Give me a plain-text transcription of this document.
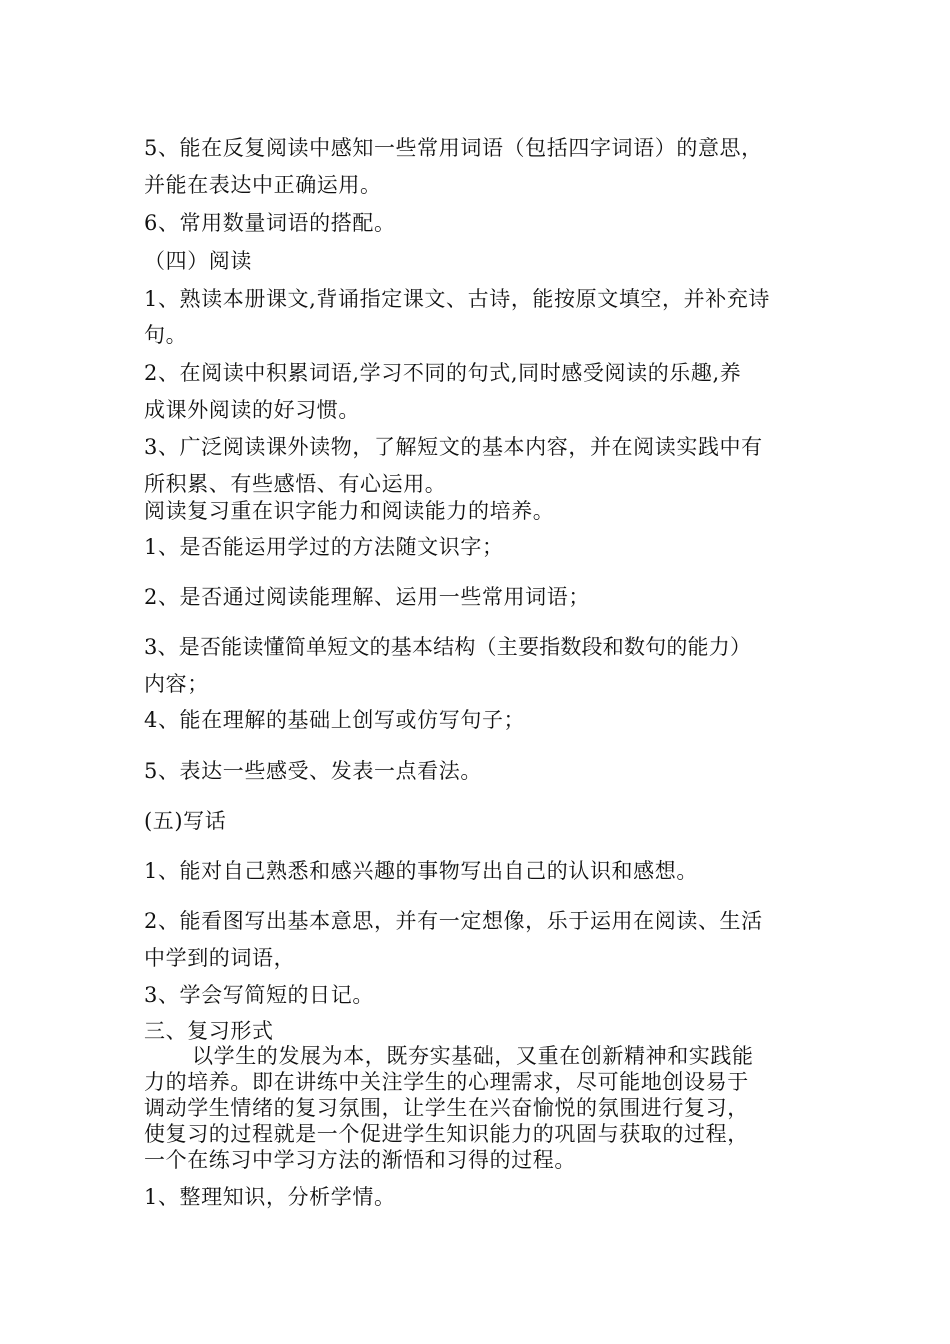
5、能在反复阅读中感知一些常用词语（包括四字词语）的意思，
并能在表达中正确运用。
6、常用数量词语的搭配。
（四）阅读
1、熟读本册课文,背诵指定课文、古诗，能按原文填空，并补充诗
句。
2、在阅读中积累词语,学习不同的句式,同时感受阅读的乐趣,养
成课外阅读的好习惯。
3、广泛阅读课外读物，了解短文的基本内容，并在阅读实践中有
所积累、有些感悟、有心运用。
阅读复习重在识字能力和阅读能力的培养。
1、是否能运用学过的方法随文识字；
2、是否通过阅读能理解、运用一些常用词语；
3、是否能读懂简单短文的基本结构（主要指数段和数句的能力）
内容；
4、能在理解的基础上创写或仿写句子；
5、表达一些感受、发表一点看法。
(五)写话
1、能对自己熟悉和感兴趣的事物写出自己的认识和感想。
2、能看图写出基本意思，并有一定想像，乐于运用在阅读、生活
中学到的词语，
3、学会写简短的日记。
三、复习形式
以学生的发展为本，既夯实基础，又重在创新精神和实践能
力的培养。即在讲练中关注学生的心理需求，尽可能地创设易于
调动学生情绪的复习氛围，让学生在兴奋愉悦的氛围进行复习，
使复习的过程就是一个促进学生知识能力的巩固与获取的过程，
一个在练习中学习方法的渐悟和习得的过程。
1、整理知识，分析学情。
